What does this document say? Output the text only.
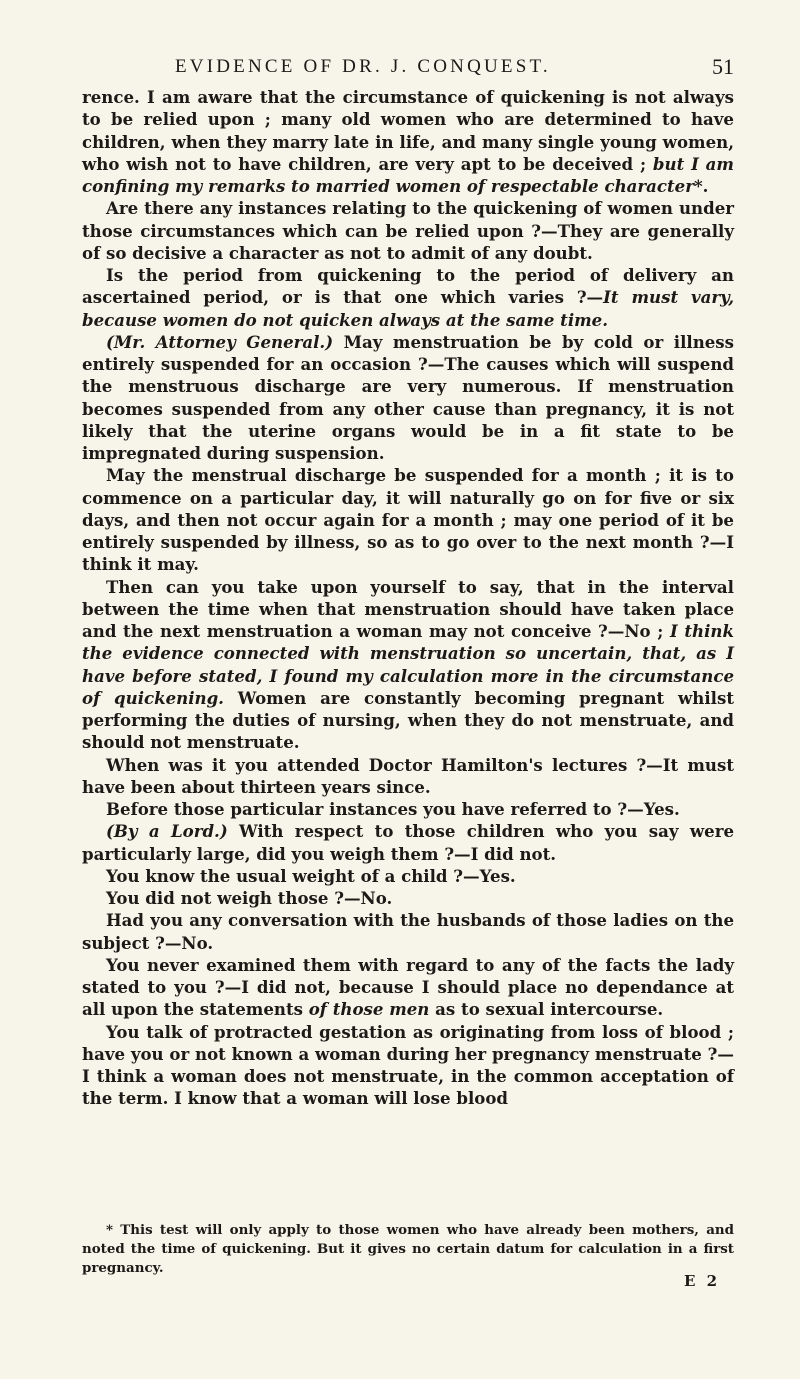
EVIDENCE OF DR. J. CONQUEST.	51

rence. I am aware that the circumstance of quickening is not always to be relied upon ; many old women who are determined to have children, when they marry late in life, and many single young women, who wish not to have children, are very apt to be deceived ; but I am confining my remarks to married women of respectable character*.

Are there any instances relating to the quickening of women under those circumstances which can be relied upon ?—They are generally of so decisive a character as not to admit of any doubt.

Is the period from quickening to the period of delivery an ascertained period, or is that one which varies ?—It must vary, because women do not quicken always at the same time.

(Mr. Attorney General.) May menstruation be by cold or illness entirely suspended for an occasion ?—The causes which will suspend the menstruous discharge are very numerous. If menstruation becomes suspended from any other cause than pregnancy, it is not likely that the uterine organs would be in a fit state to be impregnated during suspension.

May the menstrual discharge be suspended for a month ; it is to commence on a particular day, it will naturally go on for five or six days, and then not occur again for a month ; may one period of it be entirely suspended by illness, so as to go over to the next month ?—I think it may.

Then can you take upon yourself to say, that in the interval between the time when that menstruation should have taken place and the next menstruation a woman may not conceive ?—No ; I think the evidence connected with menstruation so uncertain, that, as I have before stated, I found my calculation more in the circumstance of quickening. Women are constantly becoming pregnant whilst performing the duties of nursing, when they do not menstruate, and should not menstruate.

When was it you attended Doctor Hamilton's lectures ?—It must have been about thirteen years since.

Before those particular instances you have referred to ?—Yes.

(By a Lord.) With respect to those children who you say were particularly large, did you weigh them ?—I did not.

You know the usual weight of a child ?—Yes.

You did not weigh those ?—No.

Had you any conversation with the husbands of those ladies on the subject ?—No.

You never examined them with regard to any of the facts the lady stated to you ?—I did not, because I should place no dependance at all upon the statements of those men as to sexual intercourse.

You talk of protracted gestation as originating from loss of blood ; have you or not known a woman during her pregnancy menstruate ?—I think a woman does not menstruate, in the common acceptation of the term. I know that a woman will lose blood

* This test will only apply to those women who have already been mothers, and noted the time of quickening. But it gives no certain datum for calculation in a first pregnancy.

E 2
